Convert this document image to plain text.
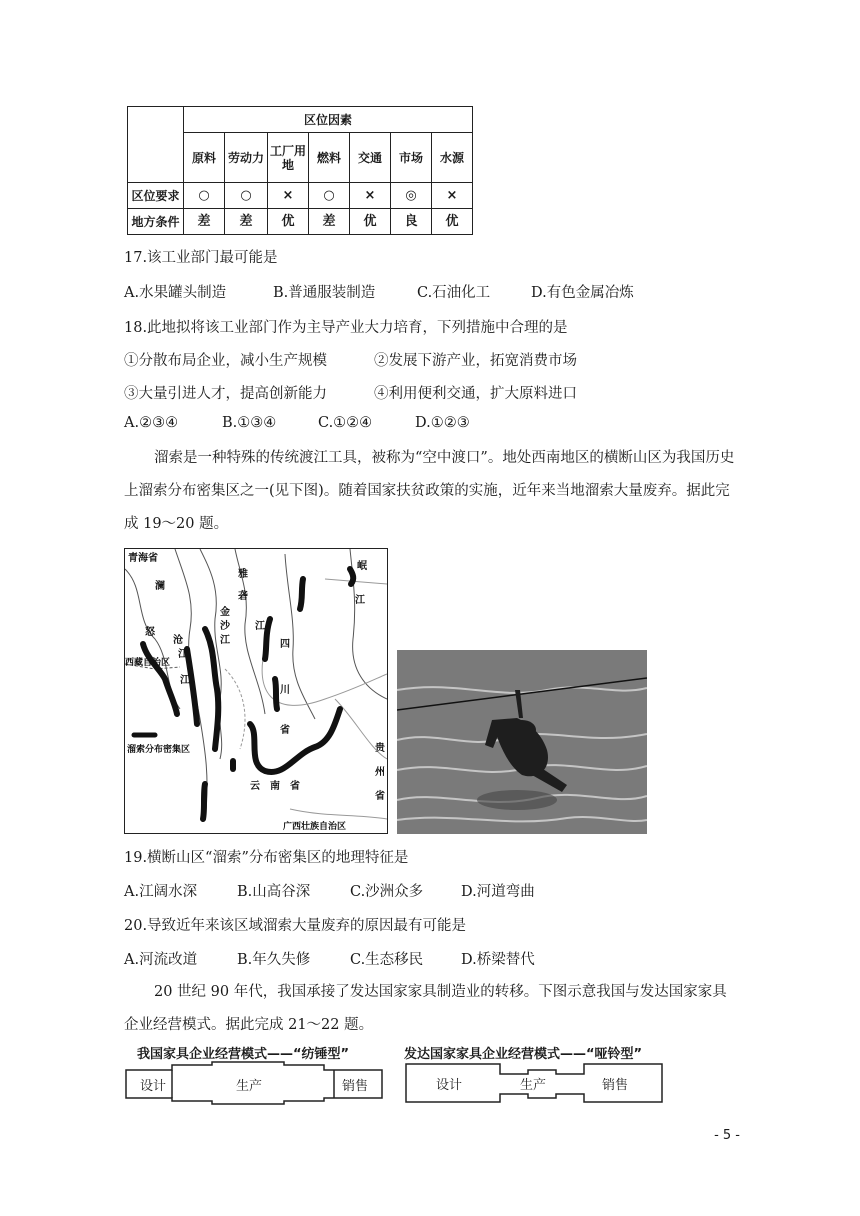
	区位因素						
	原料	劳动力	工厂用地	燃料	交通	市场	水源
区位要求	○	○	×	○	×	◎	×
地方条件	差	差	优	差	优	良	优
17.该工业部门最可能是
A.水果罐头制造	B.普通服装制造	C.石油化工	D.有色金属冶炼
18.此地拟将该工业部门作为主导产业大力培育，下列措施中合理的是
①分散布局企业，减小生产规模	②发展下游产业，拓宽消费市场
③大量引进人才，提高创新能力	④利用便利交通，扩大原料进口
A.②③④	B.①③④	C.①②④	D.①②③
溜索是一种特殊的传统渡江工具，被称为“空中渡口”。地处西南地区的横断山区为我国历史上溜索分布密集区之一(见下图)。随着国家扶贫政策的实施，近年来当地溜索大量废弃。据此完成 19～20 题。
青海省
西藏自治区
溜索分布密集区
云　南　省
广西壮族自治区
怒
江
澜
沧
江
金
沙
江
雅
砻
江
岷
江
四
川
省
贵
州
省
19.横断山区“溜索”分布密集区的地理特征是
A.江阔水深	B.山高谷深	C.沙洲众多	D.河道弯曲
20.导致近年来该区域溜索大量废弃的原因最有可能是
A.河流改道	B.年久失修	C.生态移民	D.桥梁替代
20 世纪 90 年代，我国承接了发达国家家具制造业的转移。下图示意我国与发达国家家具企业经营模式。据此完成 21～22 题。
我国家具企业经营模式——“纺锤型”	发达国家家具企业经营模式——“哑铃型”
设计	生产	销售	设计	生产	销售
- 5 -
